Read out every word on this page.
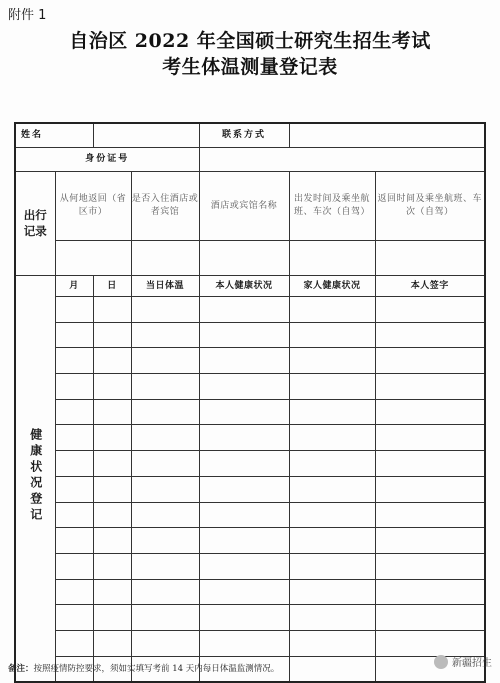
附件 1
自治区 2022 年全国硕士研究生招生考试
考生体温测量登记表
姓名				联系方式		
身份证号						
出行
记录	从何地返回（省区市）		是否入住酒店或者宾馆	酒店或宾馆名称	出发时间及乘坐航班、车次（自驾）	返回时间及乘坐航班、车次（自驾）

健康状况登记	月	日	当日体温	本人健康状况	家人健康状况	本人签字

备注：按照疫情防控要求，须如实填写考前 14 天内每日体温监测情况。	新疆招生
